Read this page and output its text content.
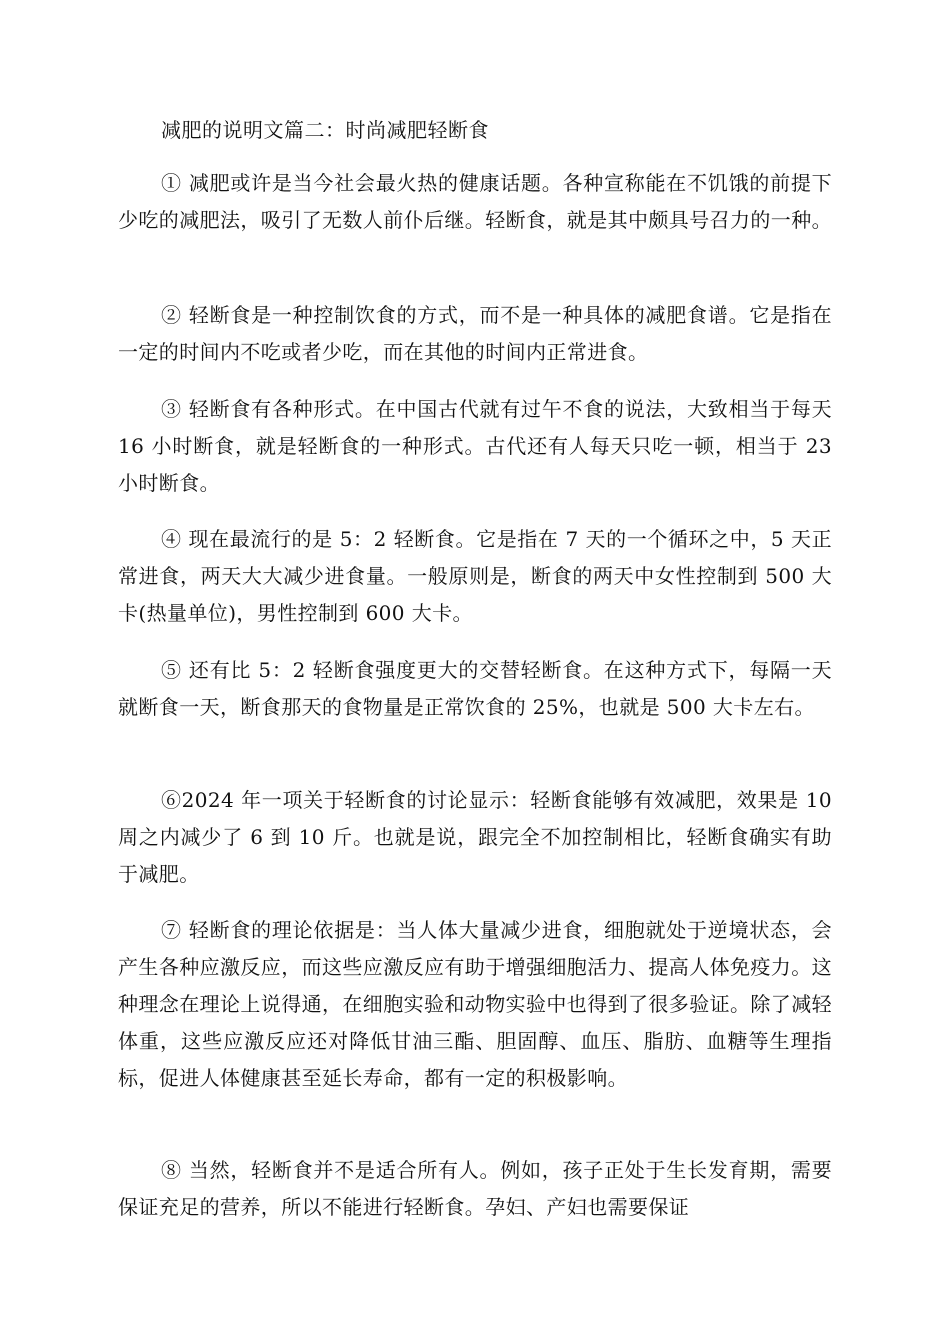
减肥的说明文篇二：时尚减肥轻断食

① 减肥或许是当今社会最火热的健康话题。各种宣称能在不饥饿的前提下少吃的减肥法，吸引了无数人前仆后继。轻断食，就是其中颇具号召力的一种。

② 轻断食是一种控制饮食的方式，而不是一种具体的减肥食谱。它是指在一定的时间内不吃或者少吃，而在其他的时间内正常进食。

③ 轻断食有各种形式。在中国古代就有过午不食的说法，大致相当于每天 16 小时断食，就是轻断食的一种形式。古代还有人每天只吃一顿，相当于 23 小时断食。

④ 现在最流行的是 5：2 轻断食。它是指在 7 天的一个循环之中，5 天正常进食，两天大大减少进食量。一般原则是，断食的两天中女性控制到 500 大卡(热量单位)，男性控制到 600 大卡。

⑤ 还有比 5：2 轻断食强度更大的交替轻断食。在这种方式下，每隔一天就断食一天，断食那天的食物量是正常饮食的 25%，也就是 500 大卡左右。

⑥2024 年一项关于轻断食的讨论显示：轻断食能够有效减肥，效果是 10 周之内减少了 6 到 10 斤。也就是说，跟完全不加控制相比，轻断食确实有助于减肥。

⑦ 轻断食的理论依据是：当人体大量减少进食，细胞就处于逆境状态，会产生各种应激反应，而这些应激反应有助于增强细胞活力、提高人体免疫力。这种理念在理论上说得通，在细胞实验和动物实验中也得到了很多验证。除了减轻体重，这些应激反应还对降低甘油三酯、胆固醇、血压、脂肪、血糖等生理指标，促进人体健康甚至延长寿命，都有一定的积极影响。

⑧ 当然，轻断食并不是适合所有人。例如，孩子正处于生长发育期，需要保证充足的营养，所以不能进行轻断食。孕妇、产妇也需要保证
